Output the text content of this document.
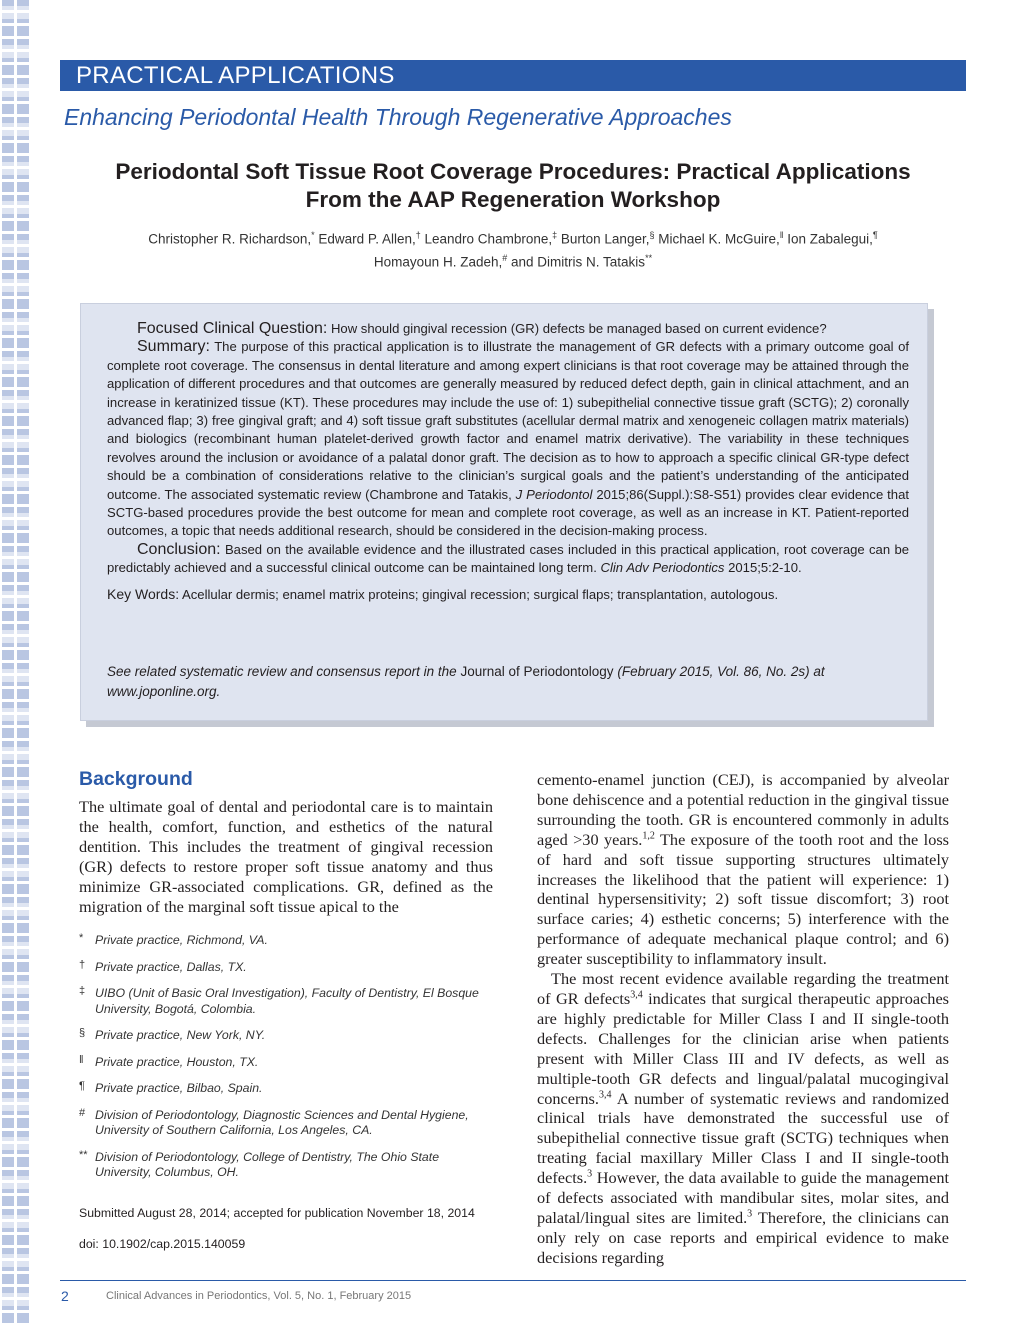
PRACTICAL APPLICATIONS
Enhancing Periodontal Health Through Regenerative Approaches
Periodontal Soft Tissue Root Coverage Procedures: Practical Applications
From the AAP Regeneration Workshop
Christopher R. Richardson,* Edward P. Allen,† Leandro Chambrone,‡ Burton Langer,§ Michael K. McGuire,‖ Ion Zabalegui,¶
Homayoun H. Zadeh,# and Dimitris N. Tatakis**

Focused Clinical Question: How should gingival recession (GR) defects be managed based on current evidence?

Summary: The purpose of this practical application is to illustrate the management of GR defects with a primary outcome goal of complete root coverage. The consensus in dental literature and among expert clinicians is that root coverage may be attained through the application of different procedures and that outcomes are generally measured by reduced defect depth, gain in clinical attachment, and an increase in keratinized tissue (KT). These procedures may include the use of: 1) subepithelial connective tissue graft (SCTG); 2) coronally advanced flap; 3) free gingival graft; and 4) soft tissue graft substitutes (acellular dermal matrix and xenogeneic collagen matrix materials) and biologics (recombinant human platelet-derived growth factor and enamel matrix derivative). The variability in these techniques revolves around the inclusion or avoidance of a palatal donor graft. The decision as to how to approach a specific clinical GR-type defect should be a combination of considerations relative to the clinician’s surgical goals and the patient’s understanding of the anticipated outcome. The associated systematic review (Chambrone and Tatakis, J Periodontol 2015;86(Suppl.):S8-S51) provides clear evidence that SCTG-based procedures provide the best outcome for mean and complete root coverage, as well as an increase in KT. Patient-reported outcomes, a topic that needs additional research, should be considered in the decision-making process.

Conclusion: Based on the available evidence and the illustrated cases included in this practical application, root coverage can be predictably achieved and a successful clinical outcome can be maintained long term. Clin Adv Periodontics 2015;5:2-10.

Key Words: Acellular dermis; enamel matrix proteins; gingival recession; surgical flaps; transplantation, autologous.

See related systematic review and consensus report in the Journal of Periodontology (February 2015, Vol. 86, No. 2s) at www.joponline.org.
Background

The ultimate goal of dental and periodontal care is to maintain the health, comfort, function, and esthetics of the natural dentition. This includes the treatment of gingival recession (GR) defects to restore proper soft tissue anatomy and thus minimize GR-associated complications. GR, defined as the migration of the marginal soft tissue apical to the

* Private practice, Richmond, VA.
† Private practice, Dallas, TX.
‡ UIBO (Unit of Basic Oral Investigation), Faculty of Dentistry, El Bosque University, Bogotá, Colombia.
§ Private practice, New York, NY.
‖ Private practice, Houston, TX.
¶ Private practice, Bilbao, Spain.
# Division of Periodontology, Diagnostic Sciences and Dental Hygiene, University of Southern California, Los Angeles, CA.
** Division of Periodontology, College of Dentistry, The Ohio State University, Columbus, OH.
Submitted August 28, 2014; accepted for publication November 18, 2014
doi: 10.1902/cap.2015.140059

cemento-enamel junction (CEJ), is accompanied by alveolar bone dehiscence and a potential reduction in the gingival tissue surrounding the tooth. GR is encountered commonly in adults aged >30 years.$^{1,2}$ The exposure of the tooth root and the loss of hard and soft tissue supporting structures ultimately increases the likelihood that the patient will experience: 1) dentinal hypersensitivity; 2) soft tissue discomfort; 3) root surface caries; 4) esthetic concerns; 5) interference with the performance of adequate mechanical plaque control; and 6) greater susceptibility to inflammatory insult.

The most recent evidence available regarding the treatment of GR defects$^{3,4}$ indicates that surgical therapeutic approaches are highly predictable for Miller Class I and II single-tooth defects. Challenges for the clinician arise when patients present with Miller Class III and IV defects, as well as multiple-tooth GR defects and lingual/palatal mucogingival concerns.$^{3,4}$ A number of systematic reviews and randomized clinical trials have demonstrated the successful use of subepithelial connective tissue graft (SCTG) techniques when treating facial maxillary Miller Class I and II single-tooth defects.$^3$ However, the data available to guide the management of defects associated with mandibular sites, molar sites, and palatal/lingual sites are limited.$^3$ Therefore, the clinicians can only rely on case reports and empirical evidence to make decisions regarding

2	Clinical Advances in Periodontics, Vol. 5, No. 1, February 2015
